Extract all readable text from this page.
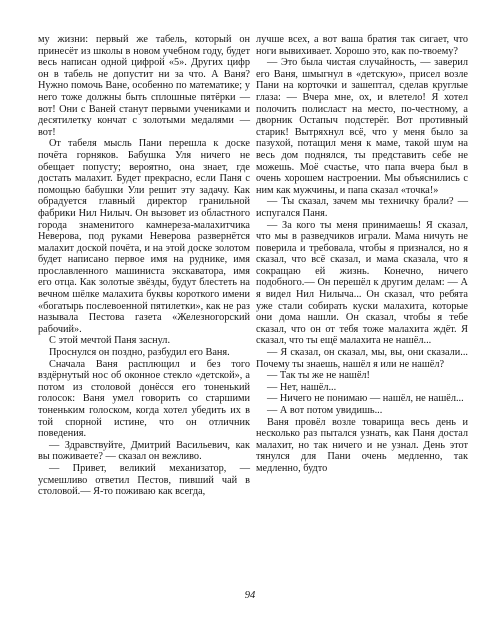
му жизни: первый же табель, который он принесёт из школы в новом учебном году, будет весь написан одной цифрой «5». Других цифр он в табель не допустит ни за что. А Ваня? Нужно помочь Ване, особенно по математике; у него тоже должны быть сплошные пятёрки — вот! Они с Ваней станут первыми учениками и десятилетку кончат с золотыми медалями — вот!

От табеля мысль Пани перешла к доске почёта горняков. Бабушка Уля ничего не обещает попусту; вероятно, она знает, где достать малахит. Будет прекрасно, если Паня с помощью бабушки Ули решит эту задачу. Как обрадуется главный директор гранильной фабрики Нил Нилыч. Он вызовет из областного города знаменитого камнереза-малахитчика Неверова, под руками Неверова развернётся малахит доской почёта, и на этой доске золотом будет написано первое имя на руднике, имя прославленного машиниста экскаватора, имя его отца. Как золотые звёзды, будут блестеть на вечном шёлке малахита буквы короткого имени «богатырь послевоенной пятилетки», как не раз называла Пестова газета «Железногорский рабочий».

С этой мечтой Паня заснул.

Проснулся он поздно, разбудил его Ваня.

Сначала Ваня расплющил и без того вздёрнутый нос об оконное стекло «детской», а потом из столовой донёсся его тоненький голосок: Ваня умел говорить со старшими тоненьким голоском, когда хотел убедить их в той спорной истине, что он отличник поведения.

— Здравствуйте, Дмитрий Васильевич, как вы поживаете? — сказал он вежливо.

— Привет, великий механизатор, — усмешливо ответил Пестов, пивший чай в столовой.— Я-то поживаю как всегда,

лучше всех, а вот ваша братия так сигает, что ноги вывихивает. Хорошо это, как по-твоему?

— Это была чистая случайность, — заверил его Ваня, шмыгнул в «детскую», присел возле Пани на корточки и зашептал, сделав круглые глаза: — Вчера мне, ох, и влетело! Я хотел полочить полисласт на место, по-честному, а дворник Остапыч подстерёг. Вот противный старик! Вытряхнул всё, что у меня было за пазухой, потащил меня к маме, такой шум на весь дом поднялся, ты представить себе не можешь. Моё счастье, что папа вчера был в очень хорошем настроении. Мы объяснились с ним как мужчины, и папа сказал «точка!»

— Ты сказал, зачем мы техничку брали? — испугался Паня.

— За кого ты меня принимаешь! Я сказал, что мы в разведчиков играли. Мама ничуть не поверила и требовала, чтобы я признался, но я сказал, что всё сказал, и мама сказала, что я сокращаю ей жизнь. Конечно, ничего подобного.— Он перешёл к другим делам: — А я видел Нил Нилыча... Он сказал, что ребята уже стали собирать куски малахита, которые они дома нашли. Он сказал, чтобы я тебе сказал, что он от тебя тоже малахита ждёт. Я сказал, что ты ещё малахита не нашёл...

— Я сказал, он сказал, мы, вы, они сказали... Почему ты знаешь, нашёл я или не нашёл?

— Так ты же не нашёл!

— Нет, нашёл...

— Ничего не понимаю — нашёл, не нашёл...

— А вот потом увидишь...

Ваня провёл возле товарища весь день и несколько раз пытался узнать, как Паня достал малахит, но так ничего и не узнал. День этот тянулся для Пани очень медленно, так медленно, будто

94
